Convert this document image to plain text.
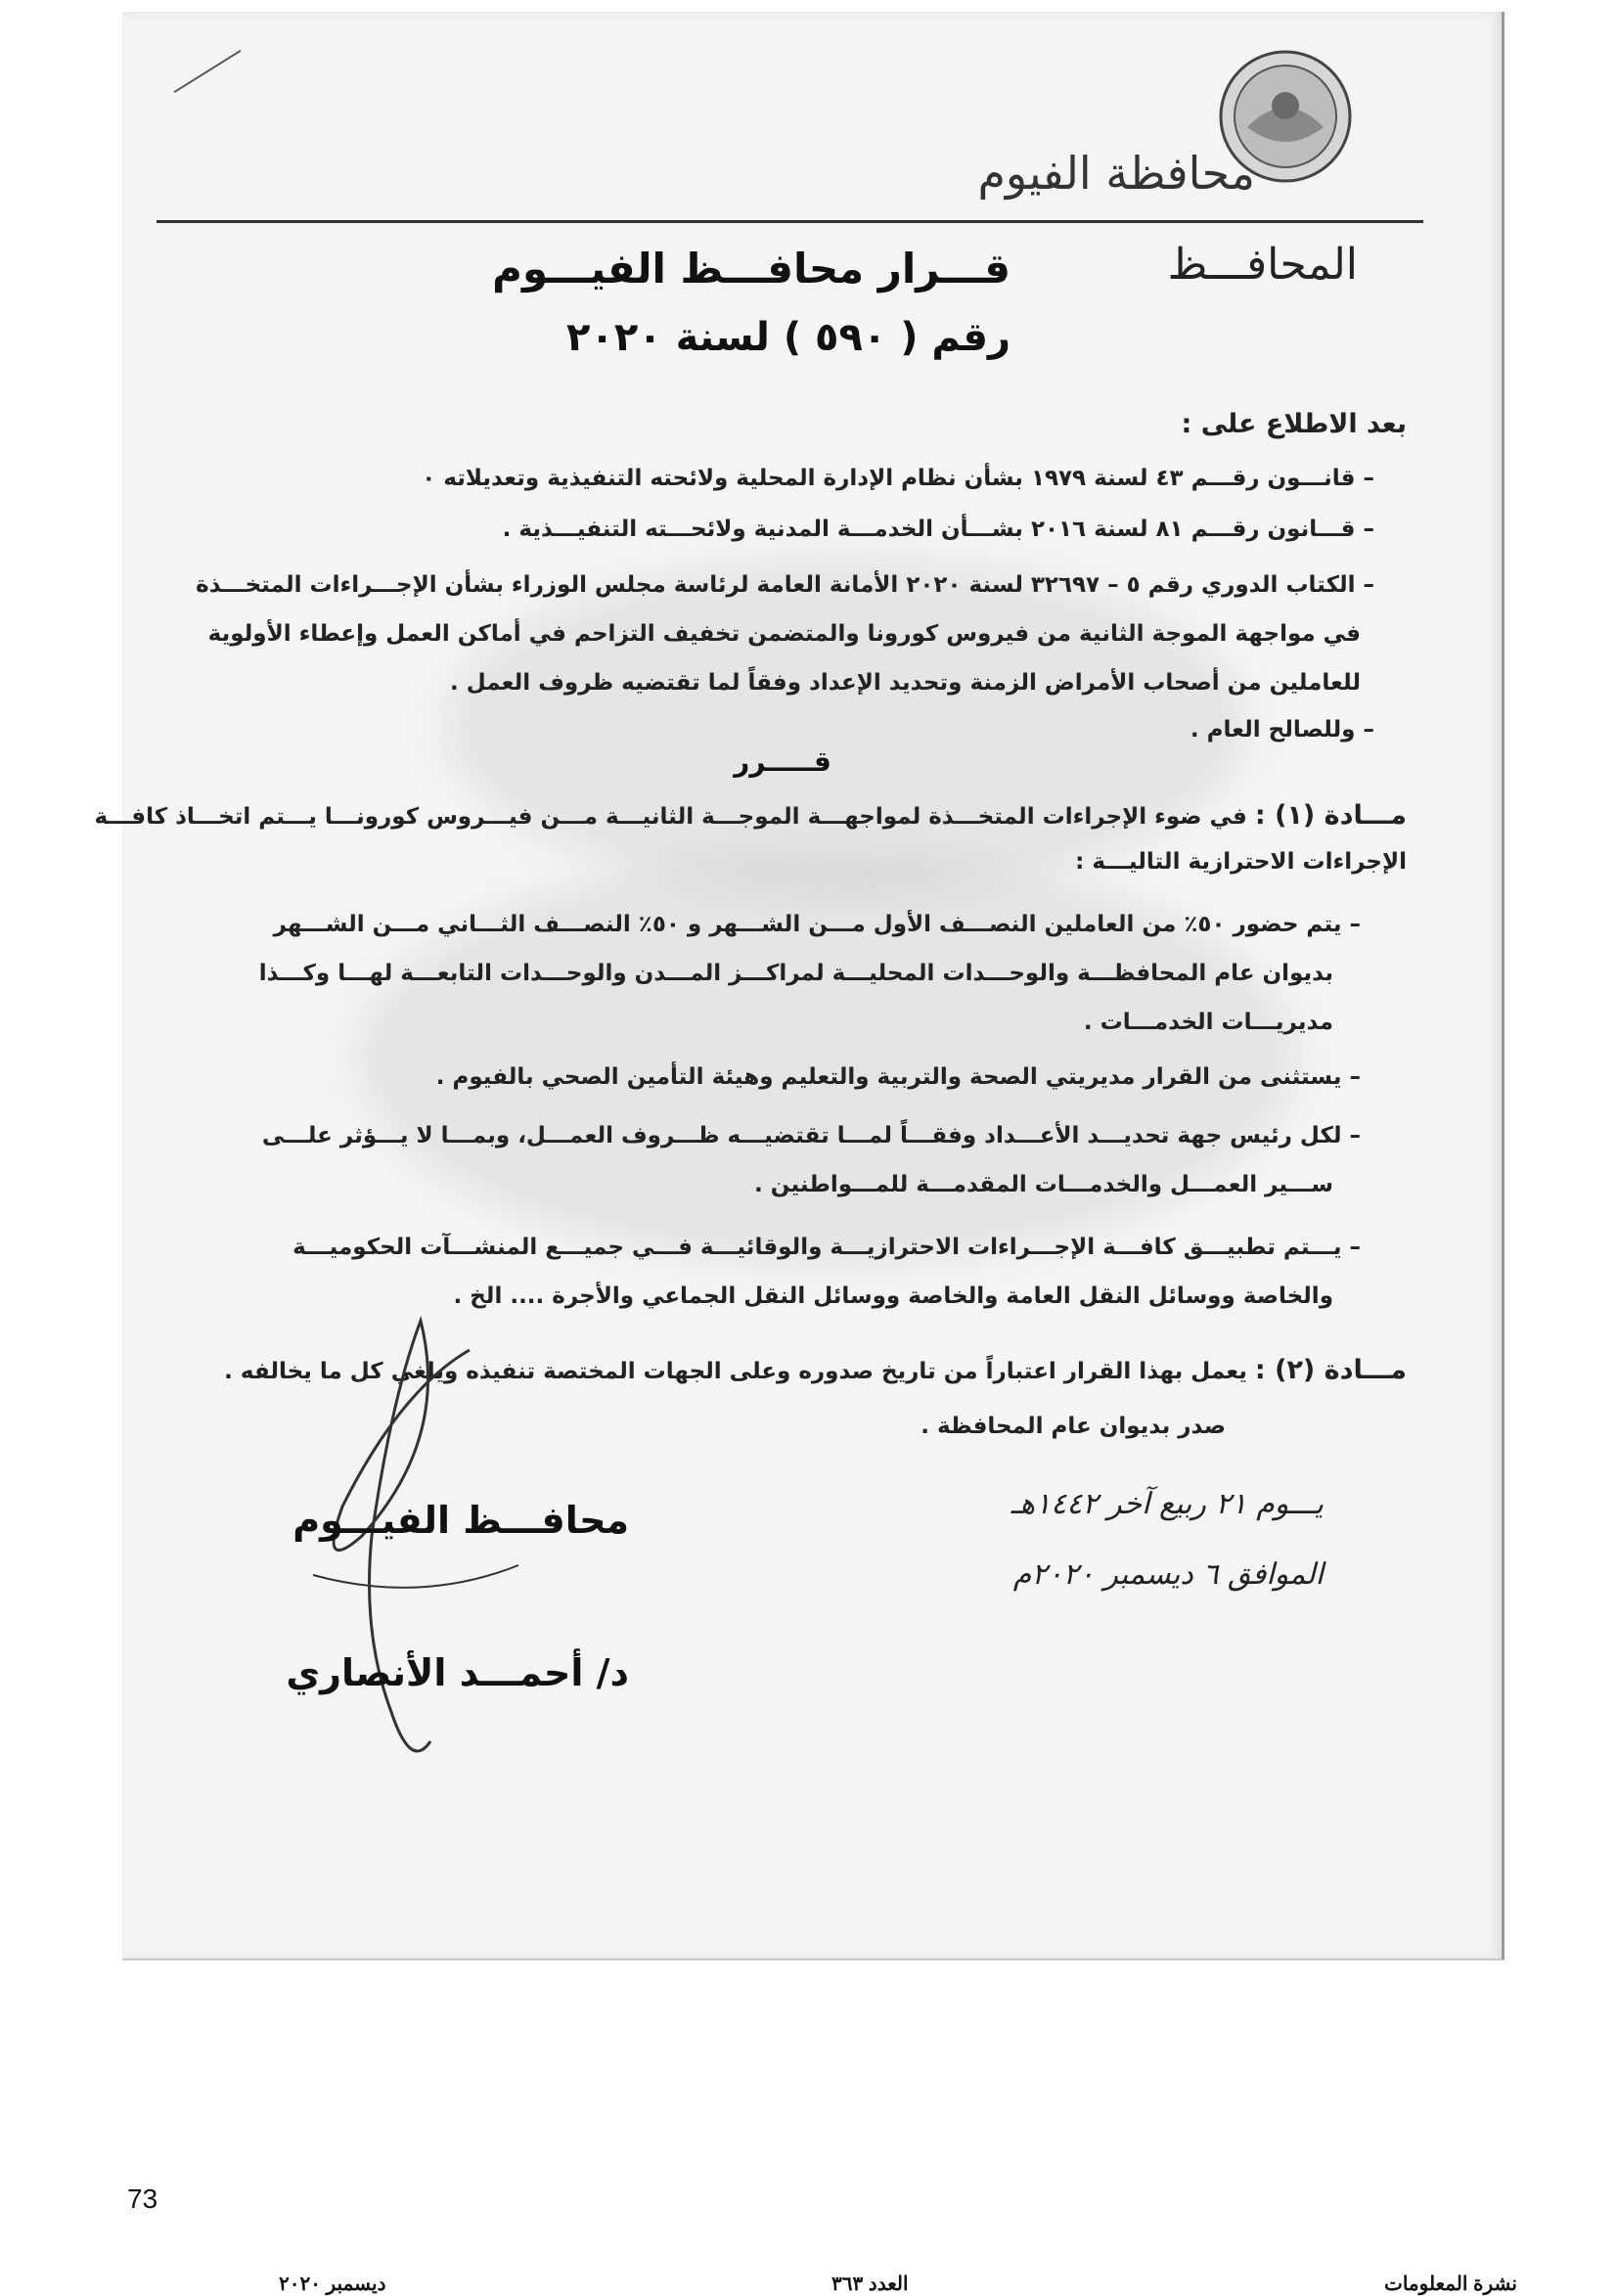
محافظة الفيوم
المحافـــظ
قـــرار محافـــظ الفيـــوم
رقم ( ٥٩٠ ) لسنة ٢٠٢٠
بعد الاطلاع على :
– قانـــون رقـــم ٤٣ لسنة ١٩٧٩ بشأن نظام الإدارة المحلية ولائحته التنفيذية وتعديلاته ٠
– قـــانون رقـــم ٨١ لسنة ٢٠١٦ بشـــأن الخدمـــة المدنية ولائحـــته التنفيـــذية .
– الكتاب الدوري رقم ٥ – ٣٢٦٩٧ لسنة ٢٠٢٠ الأمانة العامة لرئاسة مجلس الوزراء بشأن الإجـــراءات المتخـــذة
في مواجهة الموجة الثانية من فيروس كورونا والمتضمن تخفيف التزاحم في أماكن العمل وإعطاء الأولوية
للعاملين من أصحاب الأمراض الزمنة وتحديد الإعداد وفقاً لما تقتضيه ظروف العمل .
– وللصالح العام .
قـــــرر
مـــادة (١) : في ضوء الإجراءات المتخـــذة لمواجهـــة الموجـــة الثانيـــة مـــن فيـــروس كورونـــا يـــتم اتخـــاذ كافـــة
الإجراءات الاحترازية التاليـــة :
– يتم حضور ٥٠٪ من العاملين النصـــف الأول مـــن الشـــهر و ٥٠٪ النصـــف الثـــاني مـــن الشـــهر
بديوان عام المحافظـــة والوحـــدات المحليـــة لمراكـــز المـــدن والوحـــدات التابعـــة لهـــا وكـــذا
مديريـــات الخدمـــات .
– يستثنى من القرار مديريتي الصحة والتربية والتعليم وهيئة التأمين الصحي بالفيوم .
– لكل رئيس جهة تحديـــد الأعـــداد وفقـــاً لمـــا تقتضيـــه ظـــروف العمـــل، وبمـــا لا يـــؤثر علـــى
ســـير العمـــل والخدمـــات المقدمـــة للمـــواطنين .
– يـــتم تطبيـــق كافـــة الإجـــراءات الاحترازيـــة والوقائيـــة فـــي جميـــع المنشـــآت الحكوميـــة
والخاصة ووسائل النقل العامة والخاصة ووسائل النقل الجماعي والأجرة .... الخ .
مـــادة (٢) : يعمل بهذا القرار اعتباراً من تاريخ صدوره وعلى الجهات المختصة تنفيذه ويلغي كل ما يخالفه .
صدر بديوان عام المحافظة .
يـــوم ٢١ ربيع آخر ١٤٤٢هـ
الموافق ٦ ديسمبر ٢٠٢٠م
محافـــظ الفيـــوم
د/ أحمـــد الأنصاري
73
ديسمبر ٢٠٢٠	العدد ٣٦٣	نشرة المعلومات
